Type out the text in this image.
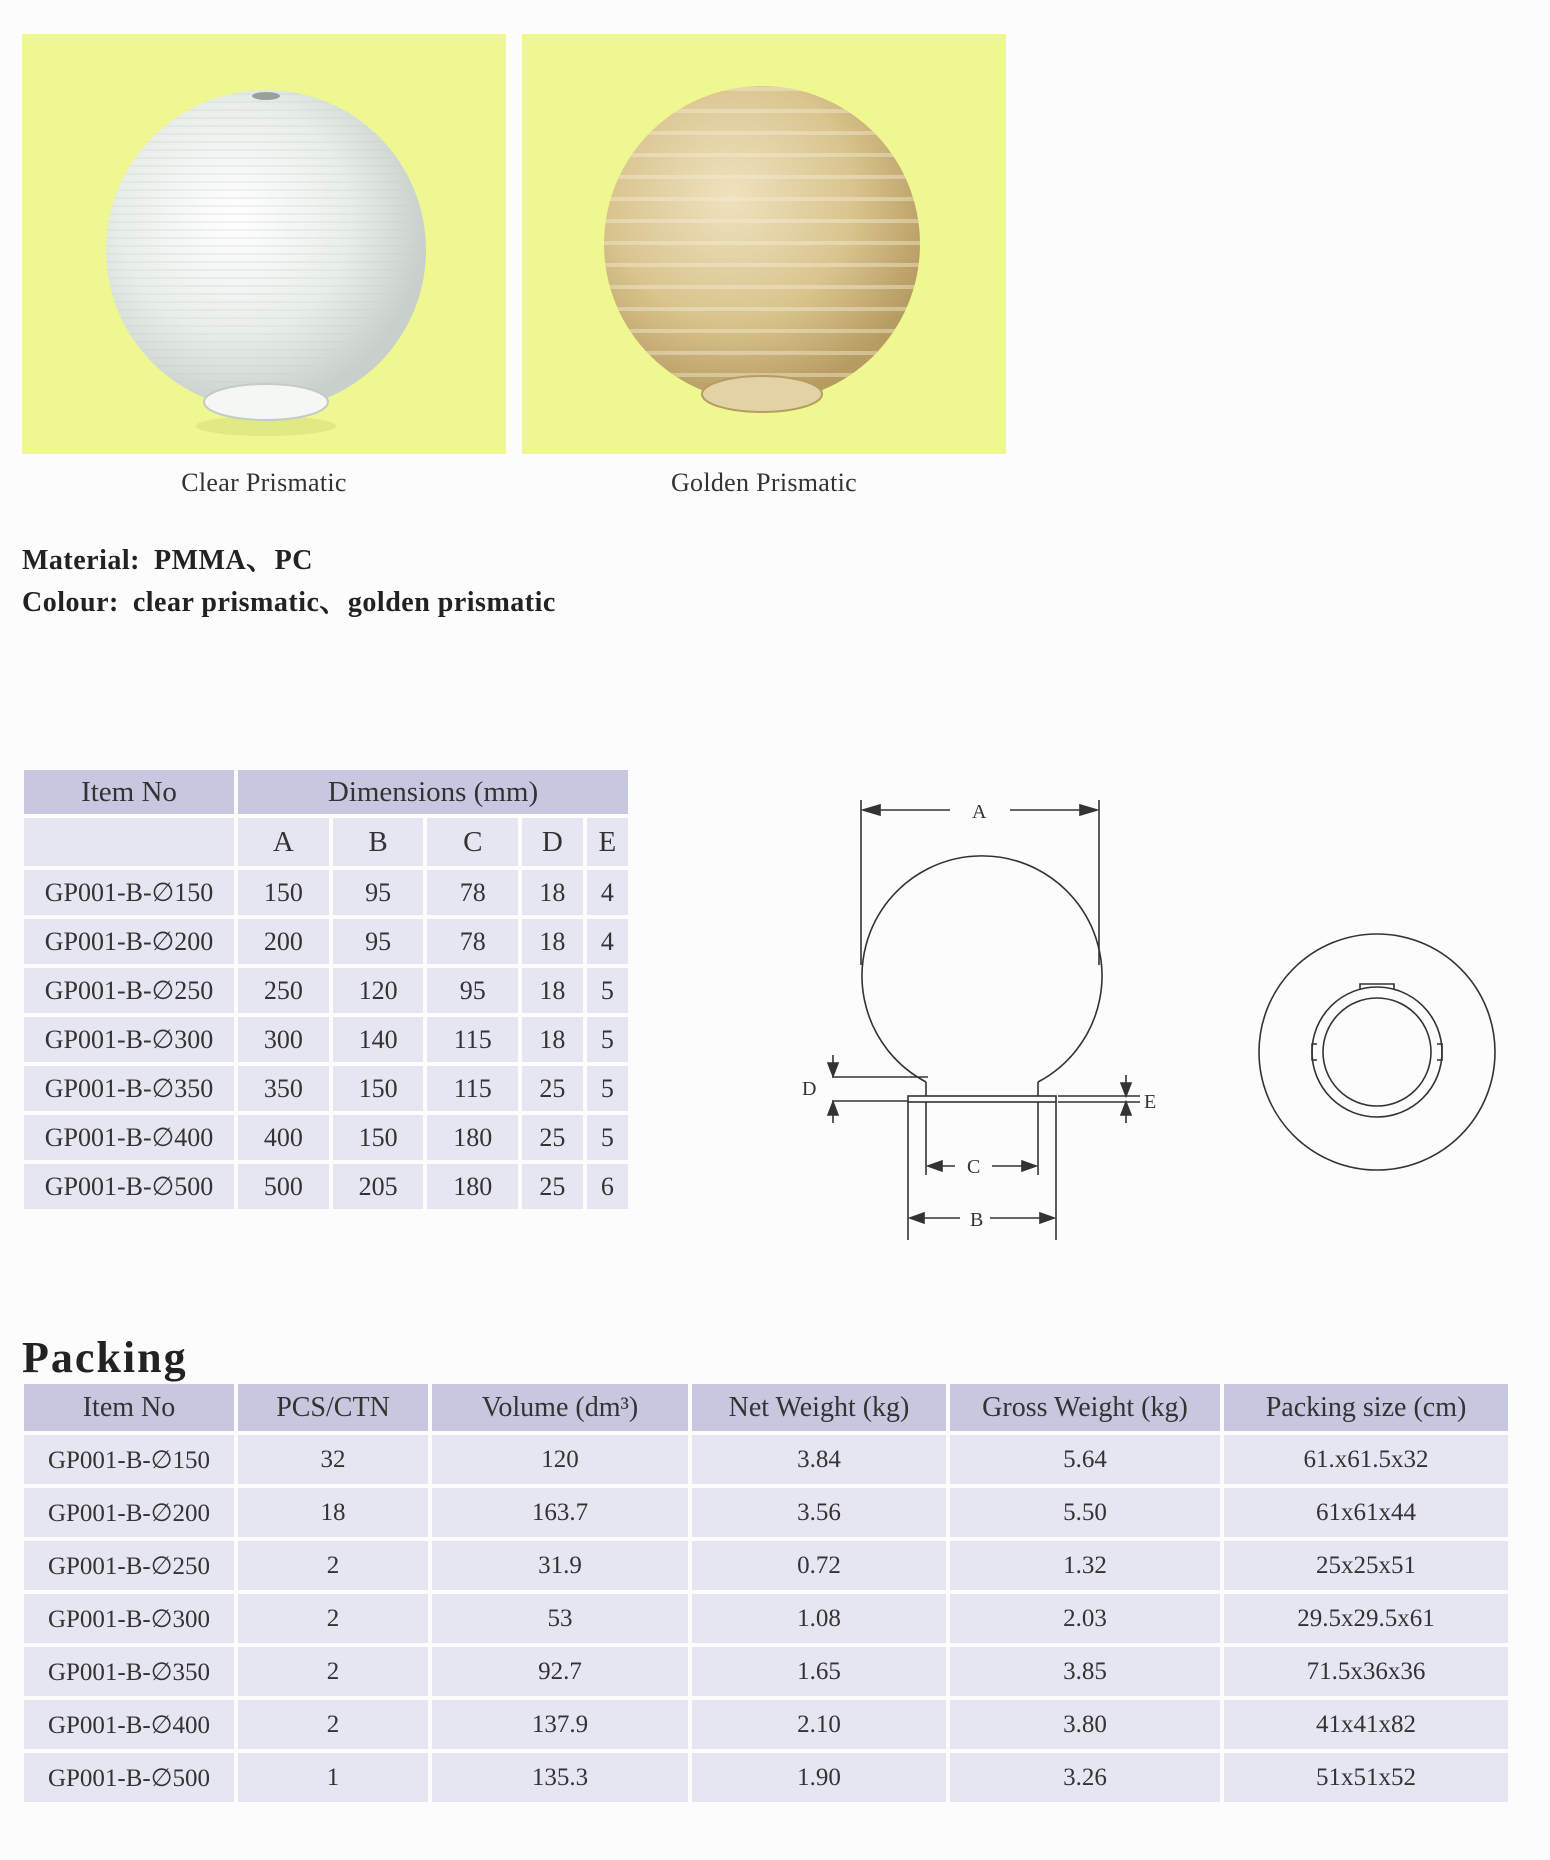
Clear Prismatic	Golden Prismatic
Material: PMMA、PC
Colour: clear prismatic、golden prismatic
Item No	Dimensions (mm)				
	A	B	C	D	E
GP001-B-∅150	150	95	78	18	4
GP001-B-∅200	200	95	78	18	4
GP001-B-∅250	250	120	95	18	5
GP001-B-∅300	300	140	115	18	5
GP001-B-∅350	350	150	115	25	5
GP001-B-∅400	400	150	180	25	5
GP001-B-∅500	500	205	180	25	6
A
B
C
D
E
Packing
Item No	PCS/CTN	Volume (dm³)	Net Weight (kg)	Gross Weight (kg)	Packing size (cm)
GP001-B-∅150	32	120	3.84	5.64	61.x61.5x32
GP001-B-∅200	18	163.7	3.56	5.50	61x61x44
GP001-B-∅250	2	31.9	0.72	1.32	25x25x51
GP001-B-∅300	2	53	1.08	2.03	29.5x29.5x61
GP001-B-∅350	2	92.7	1.65	3.85	71.5x36x36
GP001-B-∅400	2	137.9	2.10	3.80	41x41x82
GP001-B-∅500	1	135.3	1.90	3.26	51x51x52
